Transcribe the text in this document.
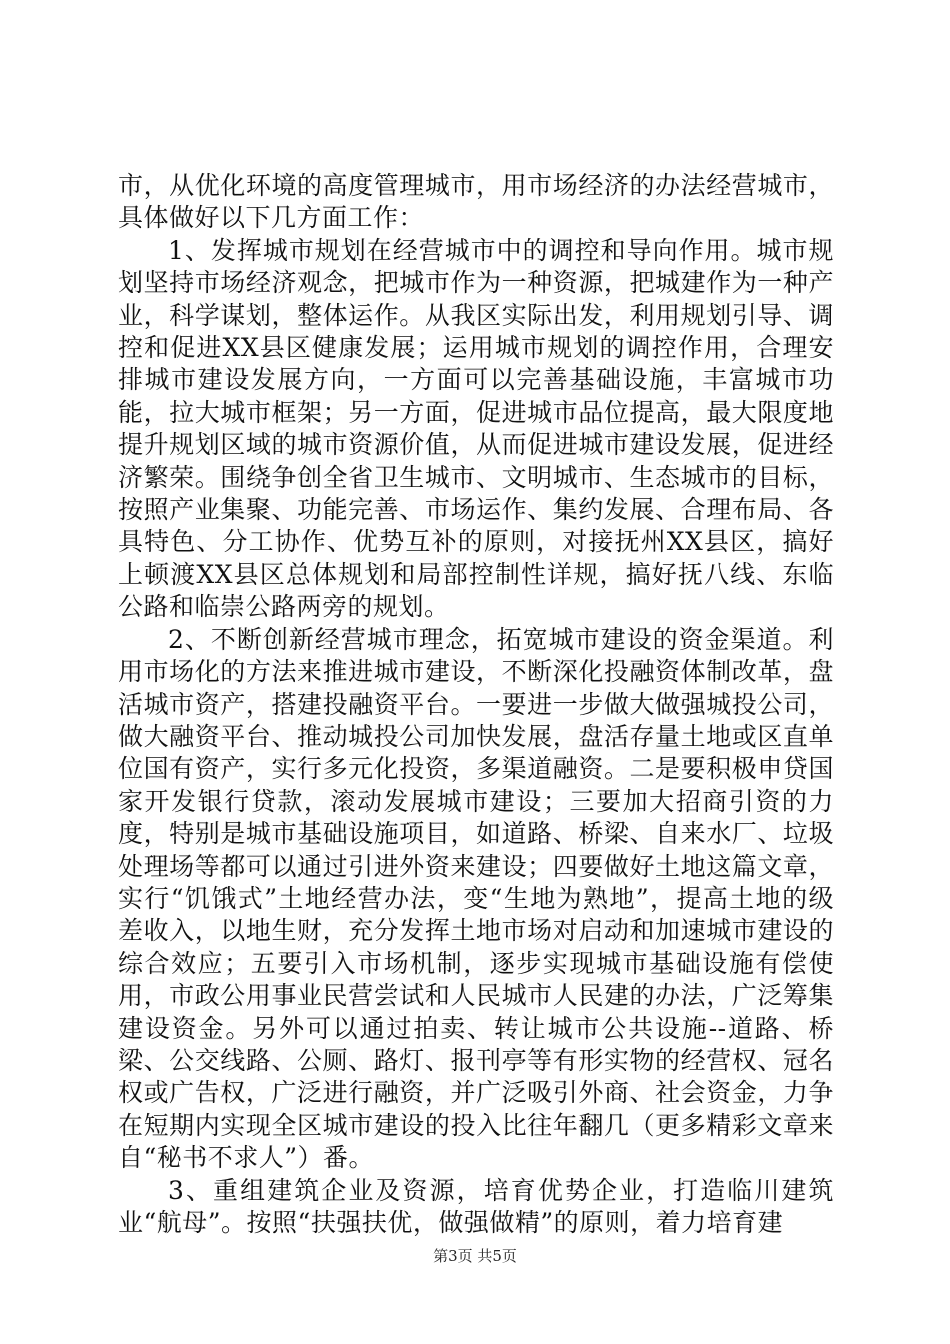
市，从优化环境的高度管理城市，用市场经济的办法经营城市，具体做好以下几方面工作：

1、发挥城市规划在经营城市中的调控和导向作用。城市规划坚持市场经济观念，把城市作为一种资源，把城建作为一种产业，科学谋划，整体运作。从我区实际出发，利用规划引导、调控和促进XX县区健康发展；运用城市规划的调控作用，合理安排城市建设发展方向，一方面可以完善基础设施，丰富城市功能，拉大城市框架；另一方面，促进城市品位提高，最大限度地提升规划区域的城市资源价值，从而促进城市建设发展，促进经济繁荣。围绕争创全省卫生城市、文明城市、生态城市的目标，按照产业集聚、功能完善、市场运作、集约发展、合理布局、各具特色、分工协作、优势互补的原则，对接抚州XX县区，搞好上顿渡XX县区总体规划和局部控制性详规，搞好抚八线、东临公路和临崇公路两旁的规划。

2、不断创新经营城市理念，拓宽城市建设的资金渠道。利用市场化的方法来推进城市建设，不断深化投融资体制改革，盘活城市资产，搭建投融资平台。一要进一步做大做强城投公司，做大融资平台、推动城投公司加快发展，盘活存量土地或区直单位国有资产，实行多元化投资，多渠道融资。二是要积极申贷国家开发银行贷款，滚动发展城市建设；三要加大招商引资的力度，特别是城市基础设施项目，如道路、桥梁、自来水厂、垃圾处理场等都可以通过引进外资来建设；四要做好土地这篇文章，实行“饥饿式”土地经营办法，变“生地为熟地”，提高土地的级差收入，以地生财，充分发挥土地市场对启动和加速城市建设的综合效应；五要引入市场机制，逐步实现城市基础设施有偿使用，市政公用事业民营尝试和人民城市人民建的办法，广泛筹集建设资金。另外可以通过拍卖、转让城市公共设施--道路、桥梁、公交线路、公厕、路灯、报刊亭等有形实物的经营权、冠名权或广告权，广泛进行融资，并广泛吸引外商、社会资金，力争在短期内实现全区城市建设的投入比往年翻几（更多精彩文章来自“秘书不求人”）番。

3、重组建筑企业及资源，培育优势企业，打造临川建筑业“航母”。按照“扶强扶优，做强做精”的原则，着力培育建

第3页 共5页
